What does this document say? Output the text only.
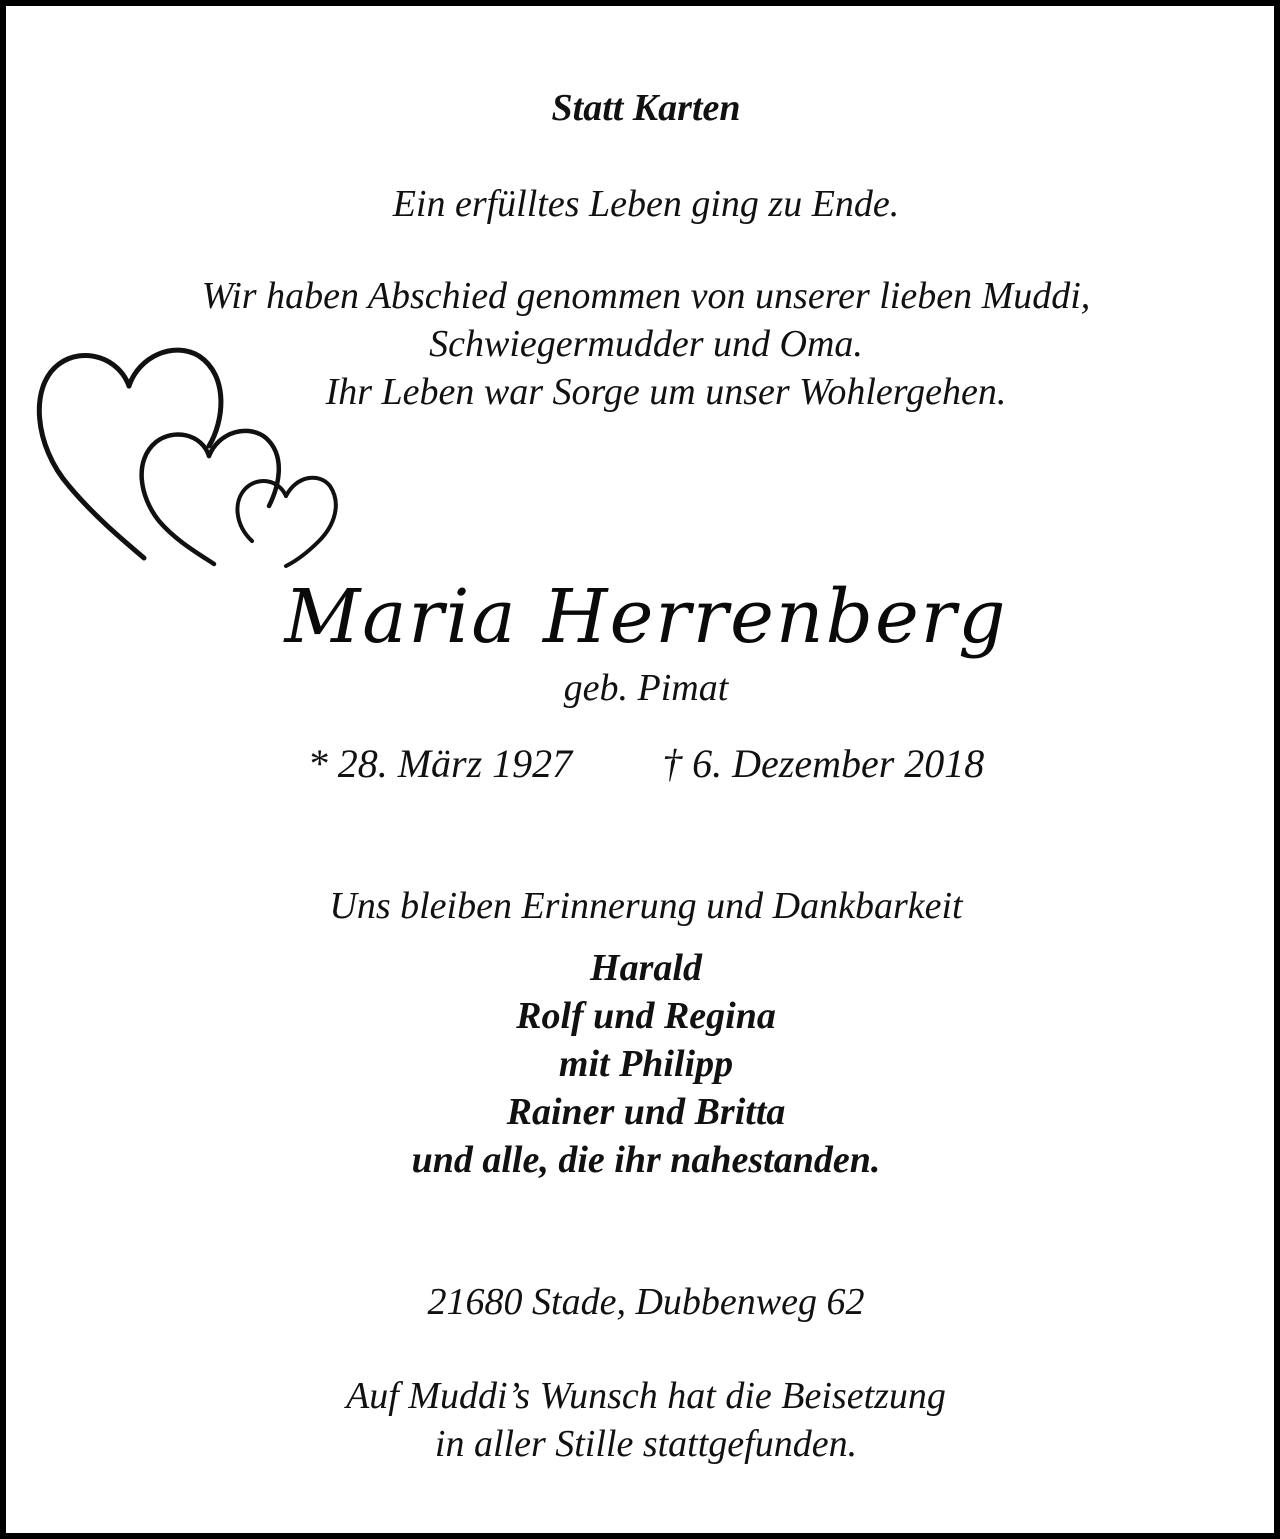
Statt Karten
Ein erfülltes Leben ging zu Ende.
Wir haben Abschied genommen von unserer lieben Muddi,
Schwiegermudder und Oma.
Ihr Leben war Sorge um unser Wohlergehen.
Maria Herrenberg
geb. Pimat
* 28. März 1927 † 6. Dezember 2018
Uns bleiben Erinnerung und Dankbarkeit
Harald
Rolf und Regina
mit Philipp
Rainer und Britta
und alle, die ihr nahestanden.
21680 Stade, Dubbenweg 62
Auf Muddi’s Wunsch hat die Beisetzung
in aller Stille stattgefunden.
